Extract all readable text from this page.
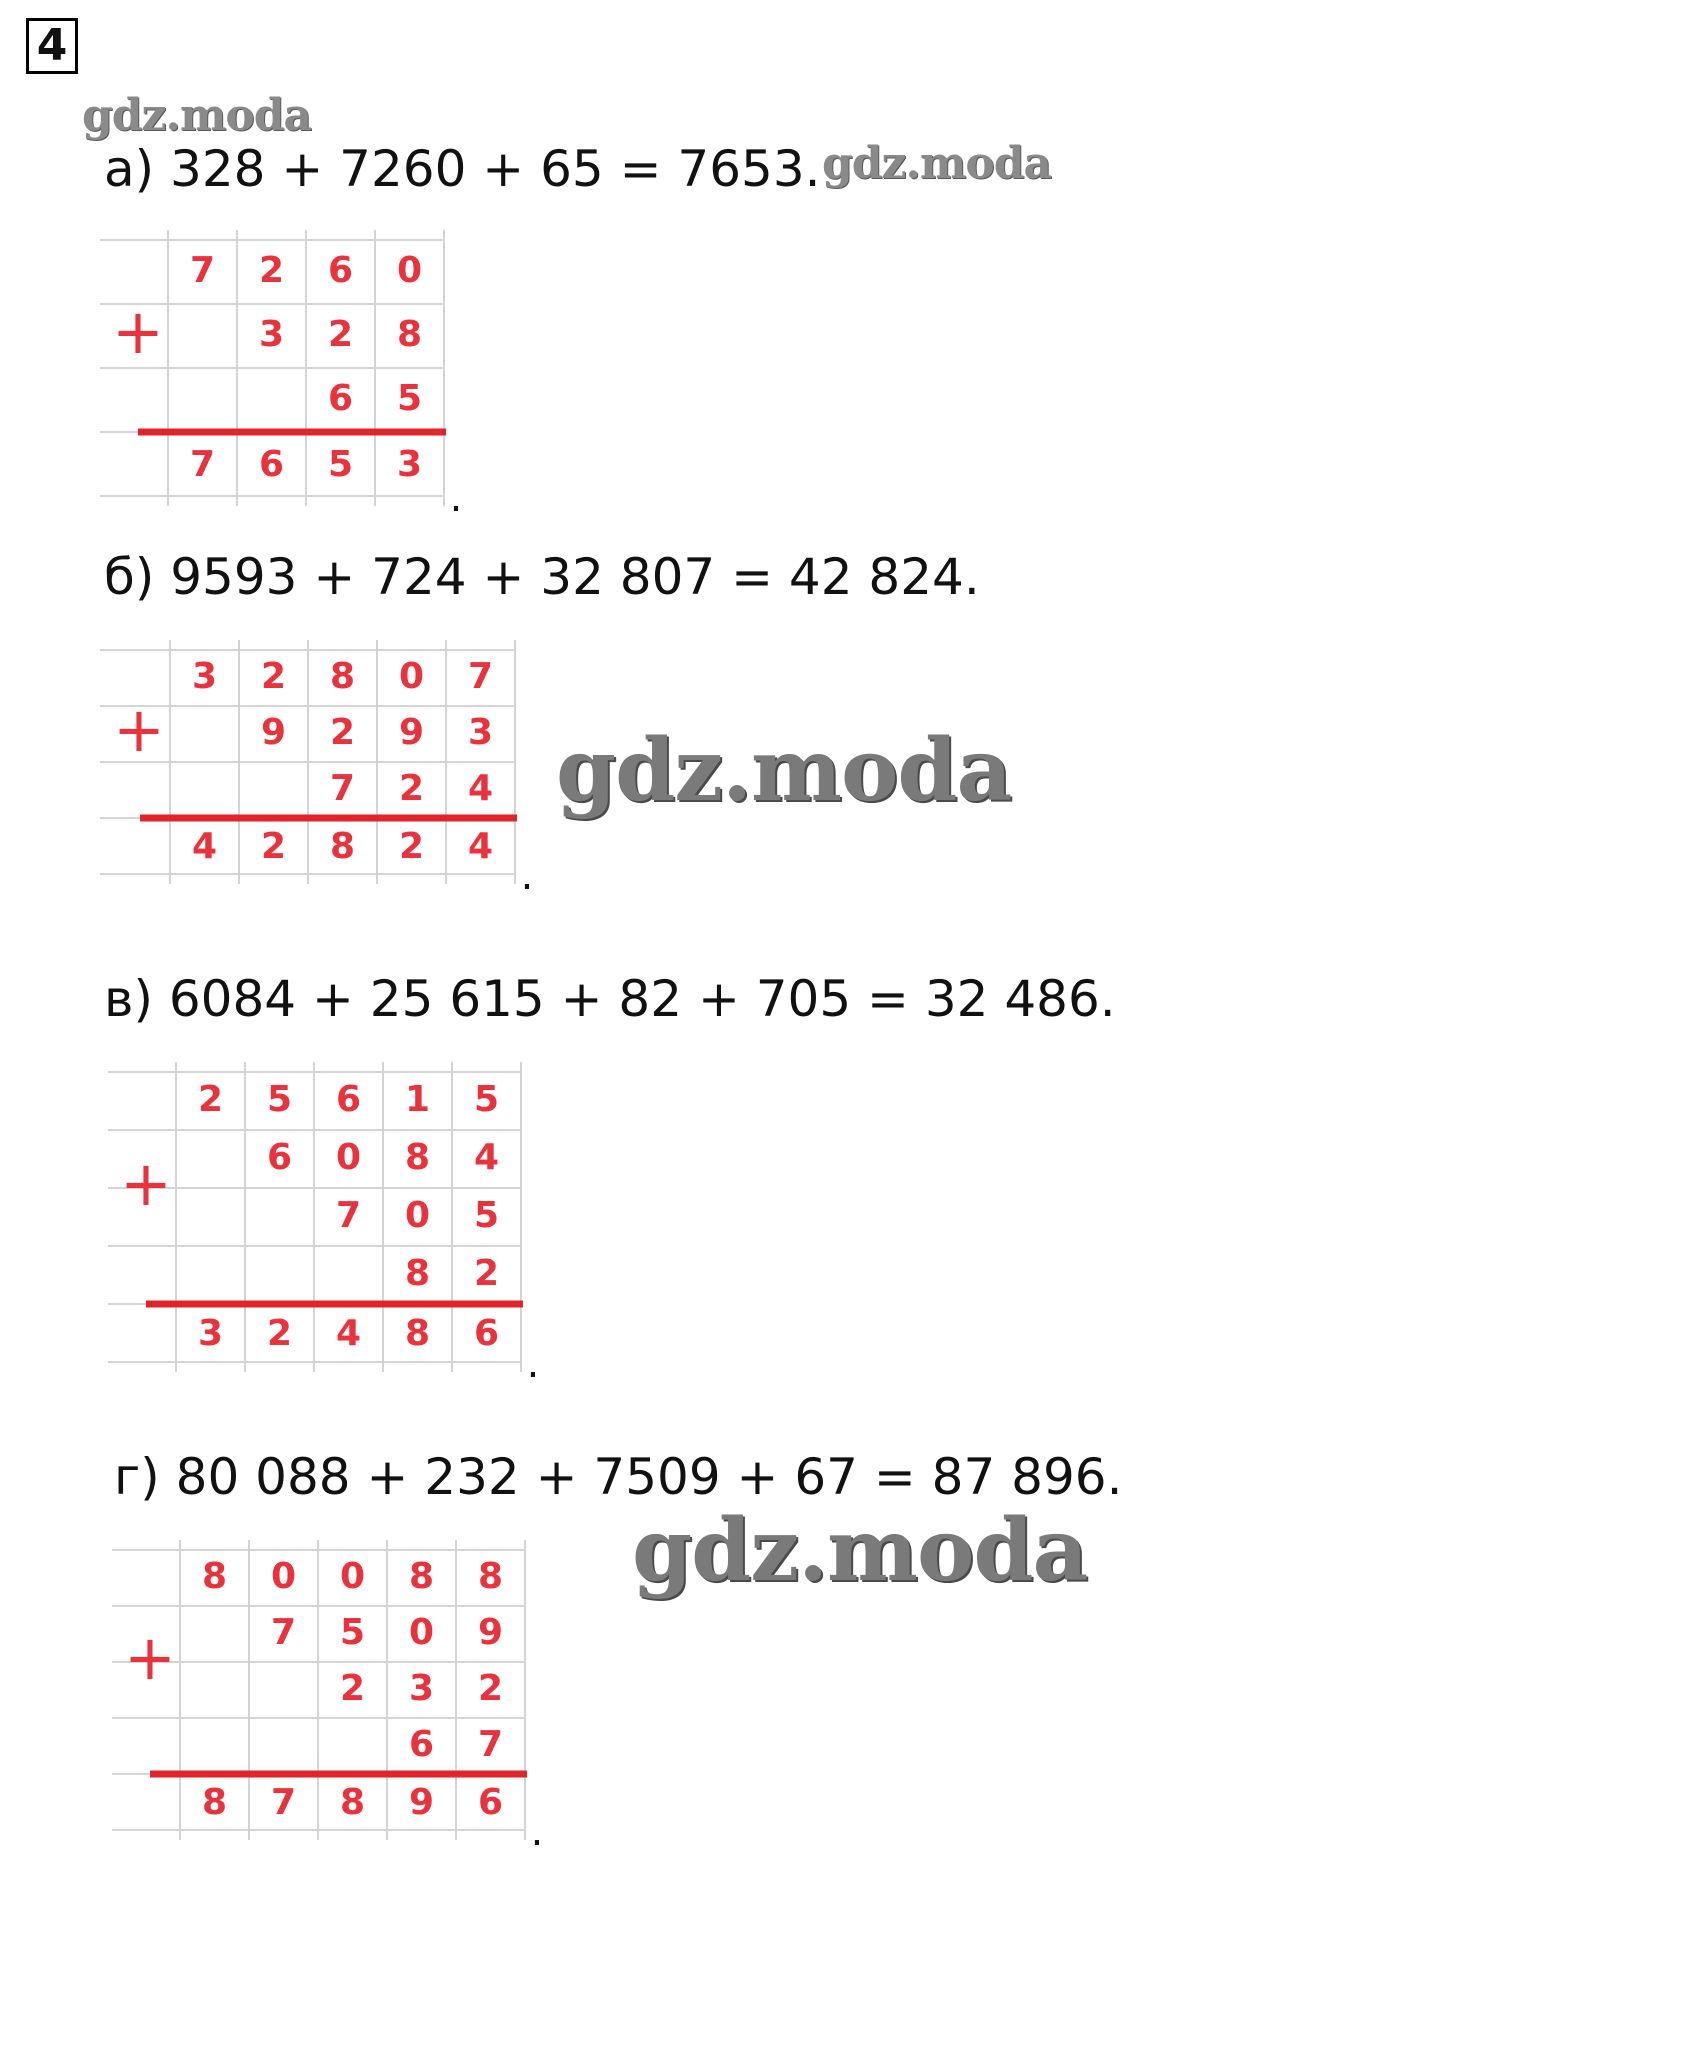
4
gdz.moda
а) 328 + 7260 + 65 = 7653. gdz.moda
7 2 6 0
3 2 8
6 5
+
7 6 5 3
.
б) 9593 + 724 + 32 807 = 42 824.
3 2 8 0 7
9 2 9 3
7 2 4
+
4 2 8 2 4
.
gdz.moda
в) 6084 + 25 615 + 82 + 705 = 32 486.
2 5 6 1 5
6 0 8 4
7 0 5
8 2
+
3 2 4 8 6
.
г) 80 088 + 232 + 7509 + 67 = 87 896.
gdz.moda
8 0 0 8 8
7 5 0 9
2 3 2
6 7
+
8 7 8 9 6
.
